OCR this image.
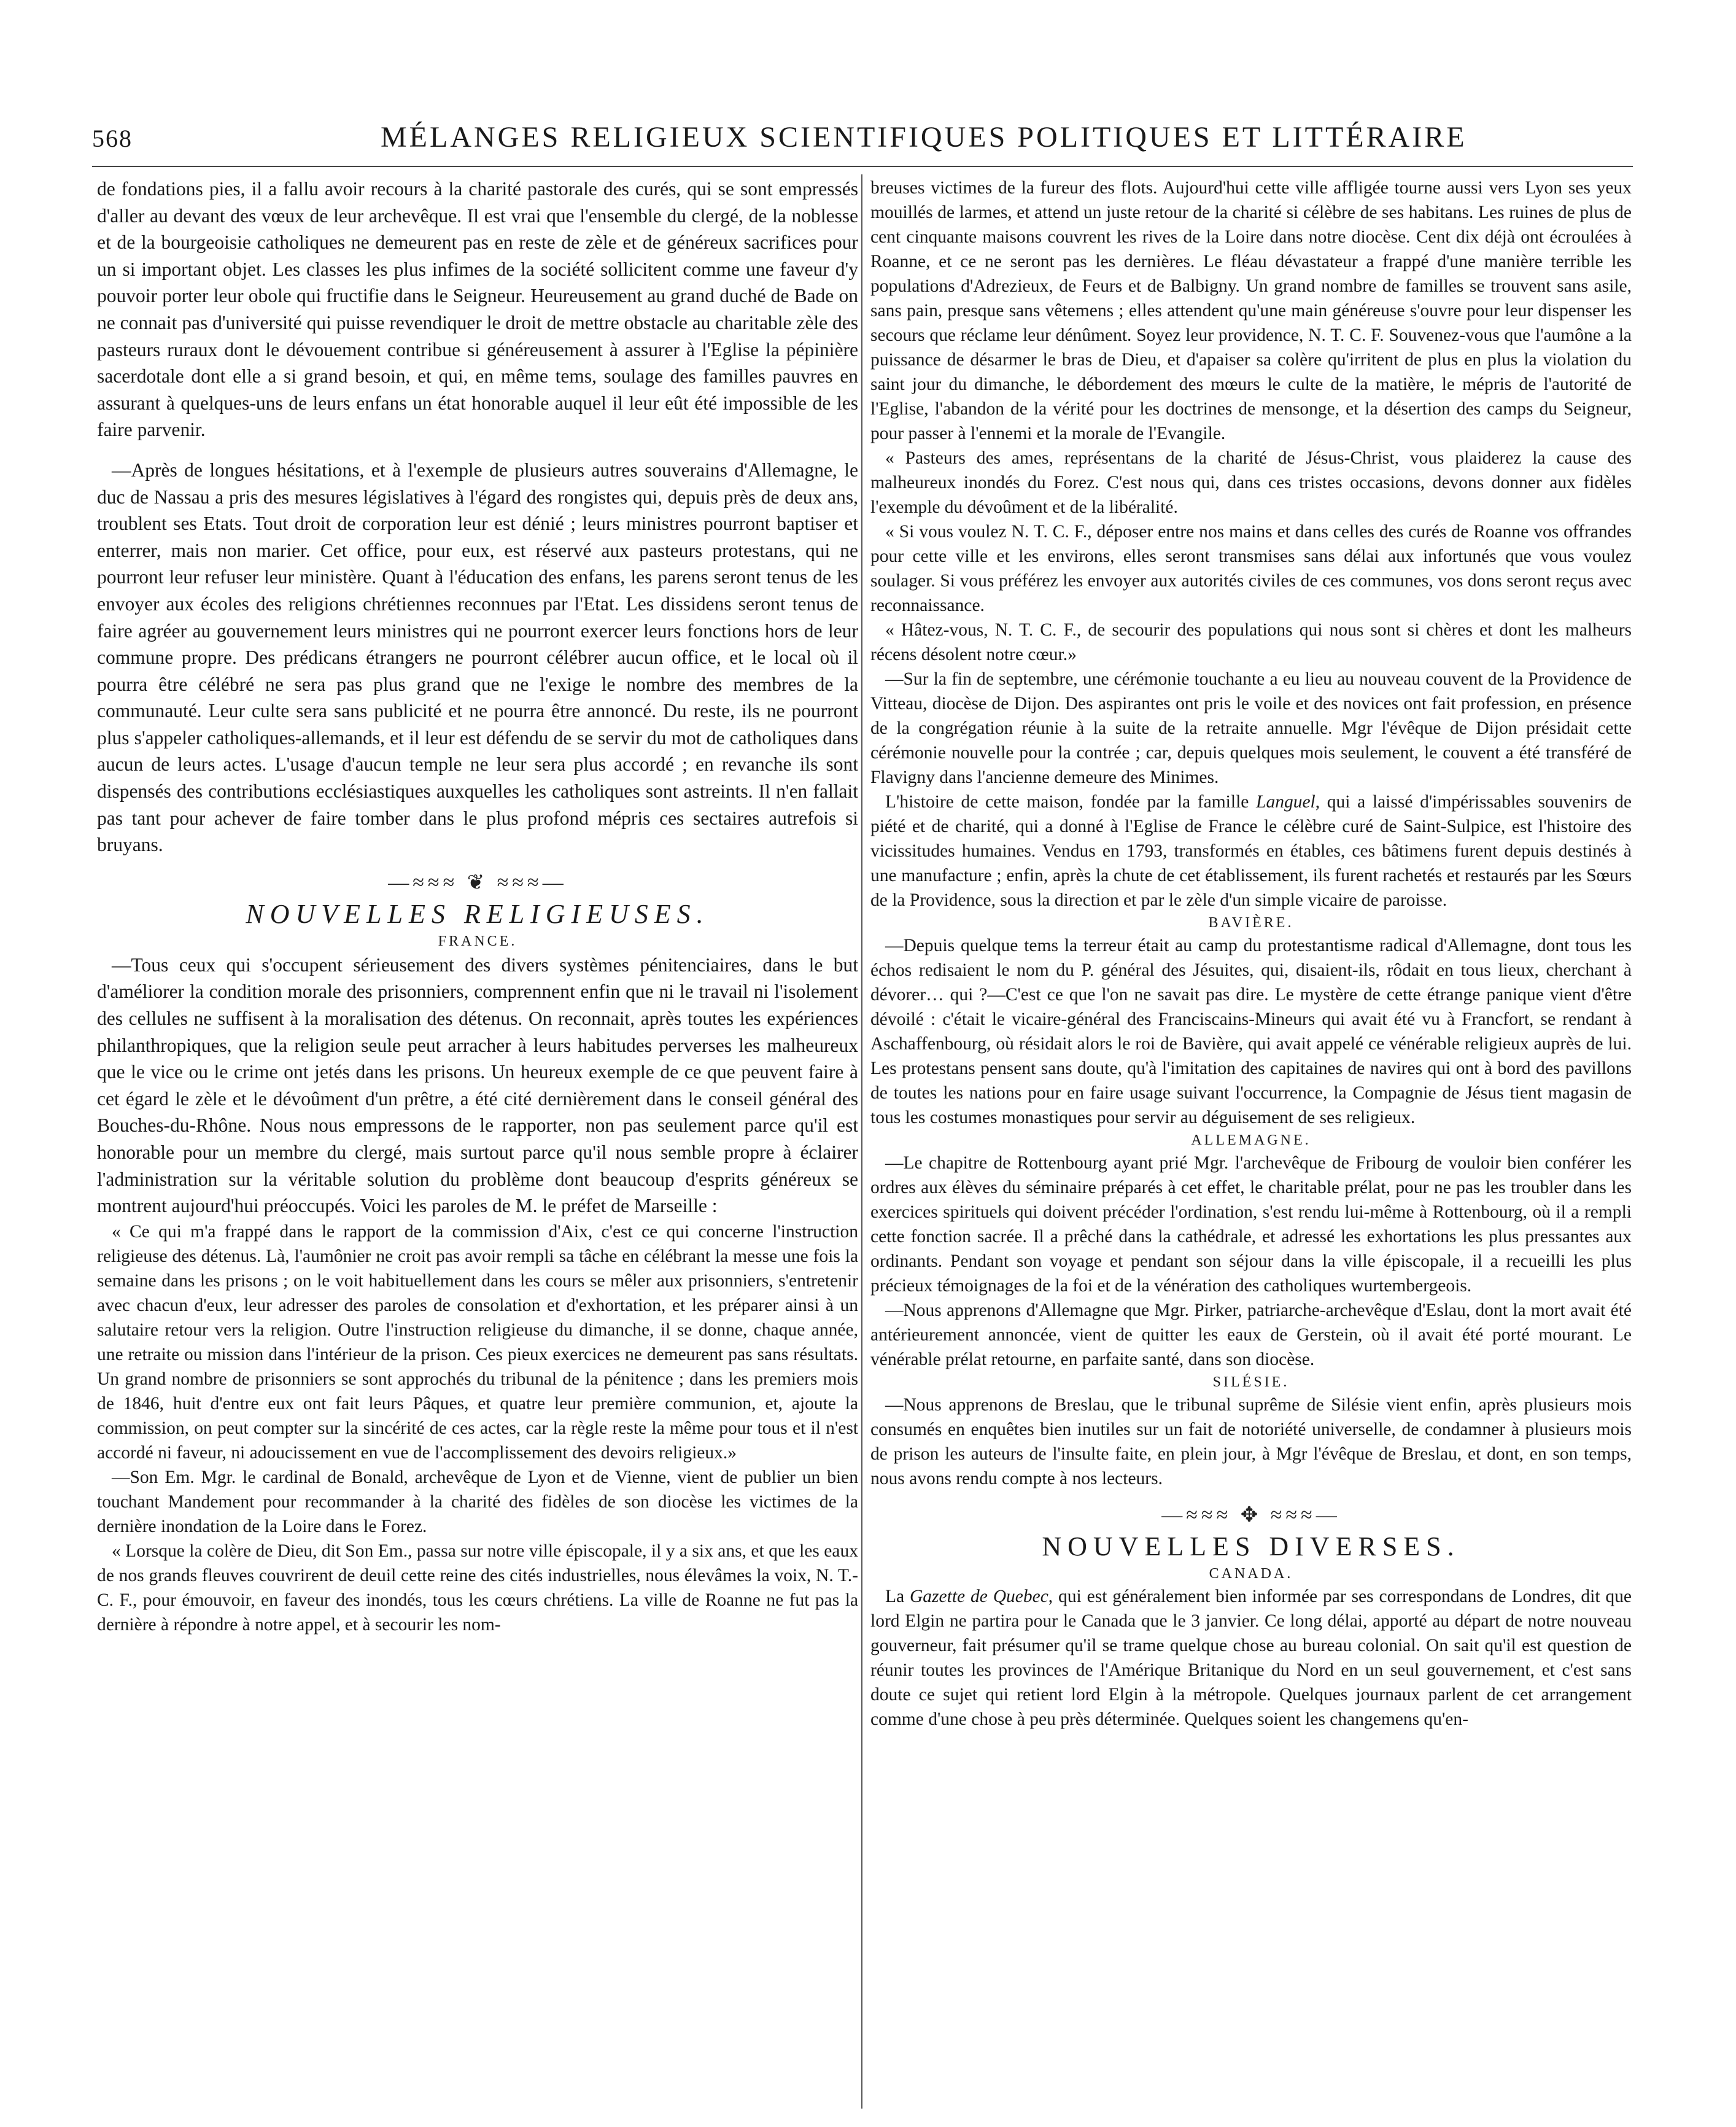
568	MÉLANGES RELIGIEUX SCIENTIFIQUES POLITIQUES ET LITTÉRAIRE

de fondations pies, il a fallu avoir recours à la charité pastorale des curés, qui se sont empressés d'aller au devant des vœux de leur archevêque. Il est vrai que l'ensemble du clergé, de la noblesse et de la bourgeoisie catholiques ne demeurent pas en reste de zèle et de généreux sacrifices pour un si important objet. Les classes les plus infimes de la société sollicitent comme une faveur d'y pouvoir porter leur obole qui fructifie dans le Seigneur. Heureusement au grand duché de Bade on ne connait pas d'université qui puisse revendiquer le droit de mettre obstacle au charitable zèle des pasteurs ruraux dont le dévouement contribue si généreusement à assurer à l'Eglise la pépinière sacerdotale dont elle a si grand besoin, et qui, en même tems, soulage des familles pauvres en assurant à quelques-uns de leurs enfans un état honorable auquel il leur eût été impossible de les faire parvenir.

—Après de longues hésitations, et à l'exemple de plusieurs autres souverains d'Allemagne, le duc de Nassau a pris des mesures législatives à l'égard des rongistes qui, depuis près de deux ans, troublent ses Etats. Tout droit de corporation leur est dénié ; leurs ministres pourront baptiser et enterrer, mais non marier. Cet office, pour eux, est réservé aux pasteurs protestans, qui ne pourront leur refuser leur ministère. Quant à l'éducation des enfans, les parens seront tenus de les envoyer aux écoles des religions chrétiennes reconnues par l'Etat. Les dissidens seront tenus de faire agréer au gouvernement leurs ministres qui ne pourront exercer leurs fonctions hors de leur commune propre. Des prédicans étrangers ne pourront célébrer aucun office, et le local où il pourra être célébré ne sera pas plus grand que ne l'exige le nombre des membres de la communauté. Leur culte sera sans publicité et ne pourra être annoncé. Du reste, ils ne pourront plus s'appeler catholiques-allemands, et il leur est défendu de se servir du mot de catholiques dans aucun de leurs actes. L'usage d'aucun temple ne leur sera plus accordé ; en revanche ils sont dispensés des contributions ecclésiastiques auxquelles les catholiques sont astreints. Il n'en fallait pas tant pour achever de faire tomber dans le plus profond mépris ces sectaires autrefois si bruyans.

—≈≈≈ ❦ ≈≈≈—
NOUVELLES RELIGIEUSES.
FRANCE.

—Tous ceux qui s'occupent sérieusement des divers systèmes pénitenciaires, dans le but d'améliorer la condition morale des prisonniers, comprennent enfin que ni le travail ni l'isolement des cellules ne suffisent à la moralisation des détenus. On reconnait, après toutes les expériences philanthropiques, que la religion seule peut arracher à leurs habitudes perverses les malheureux que le vice ou le crime ont jetés dans les prisons. Un heureux exemple de ce que peuvent faire à cet égard le zèle et le dévoûment d'un prêtre, a été cité dernièrement dans le conseil général des Bouches-du-Rhône. Nous nous empressons de le rapporter, non pas seulement parce qu'il est honorable pour un membre du clergé, mais surtout parce qu'il nous semble propre à éclairer l'administration sur la véritable solution du problème dont beaucoup d'esprits généreux se montrent aujourd'hui préoccupés. Voici les paroles de M. le préfet de Marseille :

« Ce qui m'a frappé dans le rapport de la commission d'Aix, c'est ce qui concerne l'instruction religieuse des détenus. Là, l'aumônier ne croit pas avoir rempli sa tâche en célébrant la messe une fois la semaine dans les prisons ; on le voit habituellement dans les cours se mêler aux prisonniers, s'entretenir avec chacun d'eux, leur adresser des paroles de consolation et d'exhortation, et les préparer ainsi à un salutaire retour vers la religion. Outre l'instruction religieuse du dimanche, il se donne, chaque année, une retraite ou mission dans l'intérieur de la prison. Ces pieux exercices ne demeurent pas sans résultats. Un grand nombre de prisonniers se sont approchés du tribunal de la pénitence ; dans les premiers mois de 1846, huit d'entre eux ont fait leurs Pâques, et quatre leur première communion, et, ajoute la commission, on peut compter sur la sincérité de ces actes, car la règle reste la même pour tous et il n'est accordé ni faveur, ni adoucissement en vue de l'accomplissement des devoirs religieux.»

—Son Em. Mgr. le cardinal de Bonald, archevêque de Lyon et de Vienne, vient de publier un bien touchant Mandement pour recommander à la charité des fidèles de son diocèse les victimes de la dernière inondation de la Loire dans le Forez.

« Lorsque la colère de Dieu, dit Son Em., passa sur notre ville épiscopale, il y a six ans, et que les eaux de nos grands fleuves couvrirent de deuil cette reine des cités industrielles, nous élevâmes la voix, N. T.-C. F., pour émouvoir, en faveur des inondés, tous les cœurs chrétiens. La ville de Roanne ne fut pas la dernière à répondre à notre appel, et à secourir les nom-

breuses victimes de la fureur des flots. Aujourd'hui cette ville affligée tourne aussi vers Lyon ses yeux mouillés de larmes, et attend un juste retour de la charité si célèbre de ses habitans. Les ruines de plus de cent cinquante maisons couvrent les rives de la Loire dans notre diocèse. Cent dix déjà ont écroulées à Roanne, et ce ne seront pas les dernières. Le fléau dévastateur a frappé d'une manière terrible les populations d'Adrezieux, de Feurs et de Balbigny. Un grand nombre de familles se trouvent sans asile, sans pain, presque sans vêtemens ; elles attendent qu'une main généreuse s'ouvre pour leur dispenser les secours que réclame leur dénûment. Soyez leur providence, N. T. C. F. Souvenez-vous que l'aumône a la puissance de désarmer le bras de Dieu, et d'apaiser sa colère qu'irritent de plus en plus la violation du saint jour du dimanche, le débordement des mœurs le culte de la matière, le mépris de l'autorité de l'Eglise, l'abandon de la vérité pour les doctrines de mensonge, et la désertion des camps du Seigneur, pour passer à l'ennemi et la morale de l'Evangile.

« Pasteurs des ames, représentans de la charité de Jésus-Christ, vous plaiderez la cause des malheureux inondés du Forez. C'est nous qui, dans ces tristes occasions, devons donner aux fidèles l'exemple du dévoûment et de la libéralité.

« Si vous voulez N. T. C. F., déposer entre nos mains et dans celles des curés de Roanne vos offrandes pour cette ville et les environs, elles seront transmises sans délai aux infortunés que vous voulez soulager. Si vous préférez les envoyer aux autorités civiles de ces communes, vos dons seront reçus avec reconnaissance.

« Hâtez-vous, N. T. C. F., de secourir des populations qui nous sont si chères et dont les malheurs récens désolent notre cœur.»

—Sur la fin de septembre, une cérémonie touchante a eu lieu au nouveau couvent de la Providence de Vitteau, diocèse de Dijon. Des aspirantes ont pris le voile et des novices ont fait profession, en présence de la congrégation réunie à la suite de la retraite annuelle. Mgr l'évêque de Dijon présidait cette cérémonie nouvelle pour la contrée ; car, depuis quelques mois seulement, le couvent a été transféré de Flavigny dans l'ancienne demeure des Minimes.

L'histoire de cette maison, fondée par la famille Languel, qui a laissé d'impérissables souvenirs de piété et de charité, qui a donné à l'Eglise de France le célèbre curé de Saint-Sulpice, est l'histoire des vicissitudes humaines. Vendus en 1793, transformés en étables, ces bâtimens furent depuis destinés à une manufacture ; enfin, après la chute de cet établissement, ils furent rachetés et restaurés par les Sœurs de la Providence, sous la direction et par le zèle d'un simple vicaire de paroisse.

BAVIÈRE.

—Depuis quelque tems la terreur était au camp du protestantisme radical d'Allemagne, dont tous les échos redisaient le nom du P. général des Jésuites, qui, disaient-ils, rôdait en tous lieux, cherchant à dévorer… qui ?—C'est ce que l'on ne savait pas dire. Le mystère de cette étrange panique vient d'être dévoilé : c'était le vicaire-général des Franciscains-Mineurs qui avait été vu à Francfort, se rendant à Aschaffenbourg, où résidait alors le roi de Bavière, qui avait appelé ce vénérable religieux auprès de lui. Les protestans pensent sans doute, qu'à l'imitation des capitaines de navires qui ont à bord des pavillons de toutes les nations pour en faire usage suivant l'occurrence, la Compagnie de Jésus tient magasin de tous les costumes monastiques pour servir au déguisement de ses religieux.

ALLEMAGNE.

—Le chapitre de Rottenbourg ayant prié Mgr. l'archevêque de Fribourg de vouloir bien conférer les ordres aux élèves du séminaire préparés à cet effet, le charitable prélat, pour ne pas les troubler dans les exercices spirituels qui doivent précéder l'ordination, s'est rendu lui-même à Rottenbourg, où il a rempli cette fonction sacrée. Il a prêché dans la cathédrale, et adressé les exhortations les plus pressantes aux ordinants. Pendant son voyage et pendant son séjour dans la ville épiscopale, il a recueilli les plus précieux témoignages de la foi et de la vénération des catholiques wurtembergeois.

—Nous apprenons d'Allemagne que Mgr. Pirker, patriarche-archevêque d'Eslau, dont la mort avait été antérieurement annoncée, vient de quitter les eaux de Gerstein, où il avait été porté mourant. Le vénérable prélat retourne, en parfaite santé, dans son diocèse.

SILÉSIE.

—Nous apprenons de Breslau, que le tribunal suprême de Silésie vient enfin, après plusieurs mois consumés en enquêtes bien inutiles sur un fait de notoriété universelle, de condamner à plusieurs mois de prison les auteurs de l'insulte faite, en plein jour, à Mgr l'évêque de Breslau, et dont, en son temps, nous avons rendu compte à nos lecteurs.

—≈≈≈ ✥ ≈≈≈—
NOUVELLES DIVERSES.
CANADA.

La Gazette de Quebec, qui est généralement bien informée par ses correspondans de Londres, dit que lord Elgin ne partira pour le Canada que le 3 janvier. Ce long délai, apporté au départ de notre nouveau gouverneur, fait présumer qu'il se trame quelque chose au bureau colonial. On sait qu'il est question de réunir toutes les provinces de l'Amérique Britanique du Nord en un seul gouvernement, et c'est sans doute ce sujet qui retient lord Elgin à la métropole. Quelques journaux parlent de cet arrangement comme d'une chose à peu près déterminée. Quelques soient les changemens qu'en-
